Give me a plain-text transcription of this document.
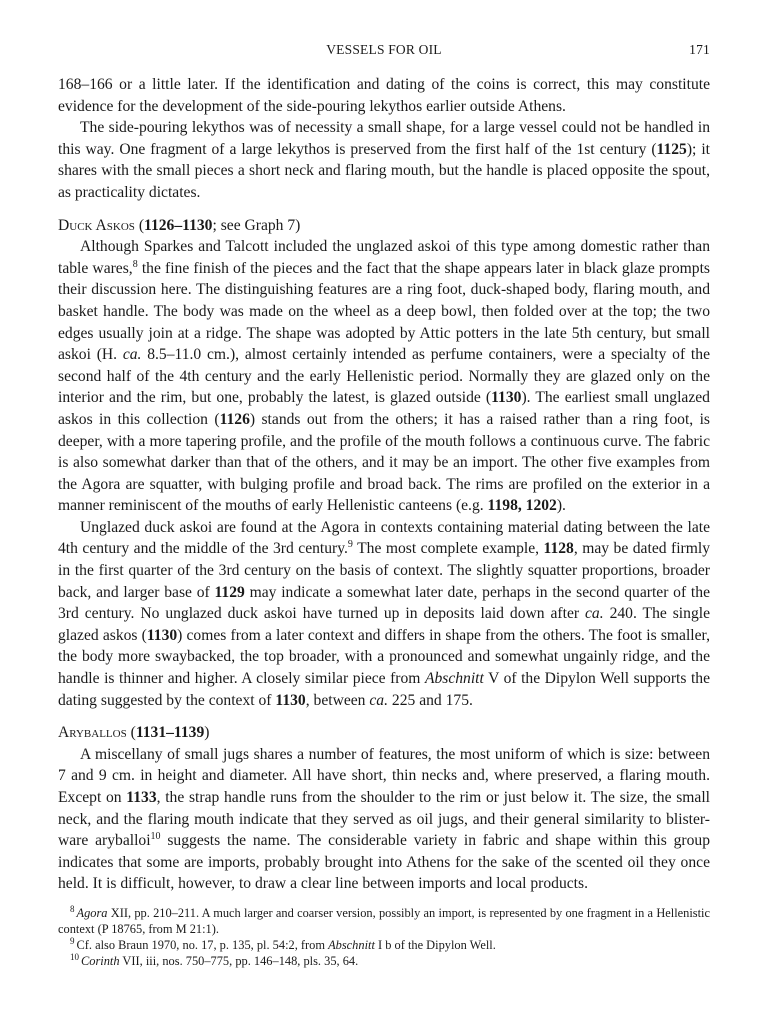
VESSELS FOR OIL	171

168–166 or a little later. If the identification and dating of the coins is correct, this may constitute evidence for the development of the side-pouring lekythos earlier outside Athens.

The side-pouring lekythos was of necessity a small shape, for a large vessel could not be handled in this way. One fragment of a large lekythos is preserved from the first half of the 1st century (1125); it shares with the small pieces a short neck and flaring mouth, but the handle is placed opposite the spout, as practicality dictates.

Duck Askos (1126–1130; see Graph 7)

Although Sparkes and Talcott included the unglazed askoi of this type among domestic rather than table wares,$^8$ the fine finish of the pieces and the fact that the shape appears later in black glaze prompts their discussion here. The distinguishing features are a ring foot, duck-shaped body, flaring mouth, and basket handle. The body was made on the wheel as a deep bowl, then folded over at the top; the two edges usually join at a ridge. The shape was adopted by Attic potters in the late 5th century, but small askoi (H. ca. 8.5–11.0 cm.), almost certainly intended as perfume containers, were a specialty of the second half of the 4th century and the early Hellenistic period. Normally they are glazed only on the interior and the rim, but one, probably the latest, is glazed outside (1130). The earliest small unglazed askos in this collection (1126) stands out from the others; it has a raised rather than a ring foot, is deeper, with a more tapering profile, and the profile of the mouth follows a continuous curve. The fabric is also somewhat darker than that of the others, and it may be an import. The other five examples from the Agora are squatter, with bulging profile and broad back. The rims are profiled on the exterior in a manner reminiscent of the mouths of early Hellenistic canteens (e.g. 1198, 1202).

Unglazed duck askoi are found at the Agora in contexts containing material dating between the late 4th century and the middle of the 3rd century.$^9$ The most complete example, 1128, may be dated firmly in the first quarter of the 3rd century on the basis of context. The slightly squatter proportions, broader back, and larger base of 1129 may indicate a somewhat later date, perhaps in the second quarter of the 3rd century. No unglazed duck askoi have turned up in deposits laid down after ca. 240. The single glazed askos (1130) comes from a later context and differs in shape from the others. The foot is smaller, the body more swaybacked, the top broader, with a pronounced and somewhat ungainly ridge, and the handle is thinner and higher. A closely similar piece from Abschnitt V of the Dipylon Well supports the dating suggested by the context of 1130, between ca. 225 and 175.

Aryballos (1131–1139)

A miscellany of small jugs shares a number of features, the most uniform of which is size: between 7 and 9 cm. in height and diameter. All have short, thin necks and, where preserved, a flaring mouth. Except on 1133, the strap handle runs from the shoulder to the rim or just below it. The size, the small neck, and the flaring mouth indicate that they served as oil jugs, and their general similarity to blister-ware aryballoi$^{10}$ suggests the name. The considerable variety in fabric and shape within this group indicates that some are imports, probably brought into Athens for the sake of the scented oil they once held. It is difficult, however, to draw a clear line between imports and local products.

$^8$ Agora XII, pp. 210–211. A much larger and coarser version, possibly an import, is represented by one fragment in a Hellenistic context (P 18765, from M 21:1).

$^9$ Cf. also Braun 1970, no. 17, p. 135, pl. 54:2, from Abschnitt I b of the Dipylon Well.

$^{10}$ Corinth VII, iii, nos. 750–775, pp. 146–148, pls. 35, 64.
